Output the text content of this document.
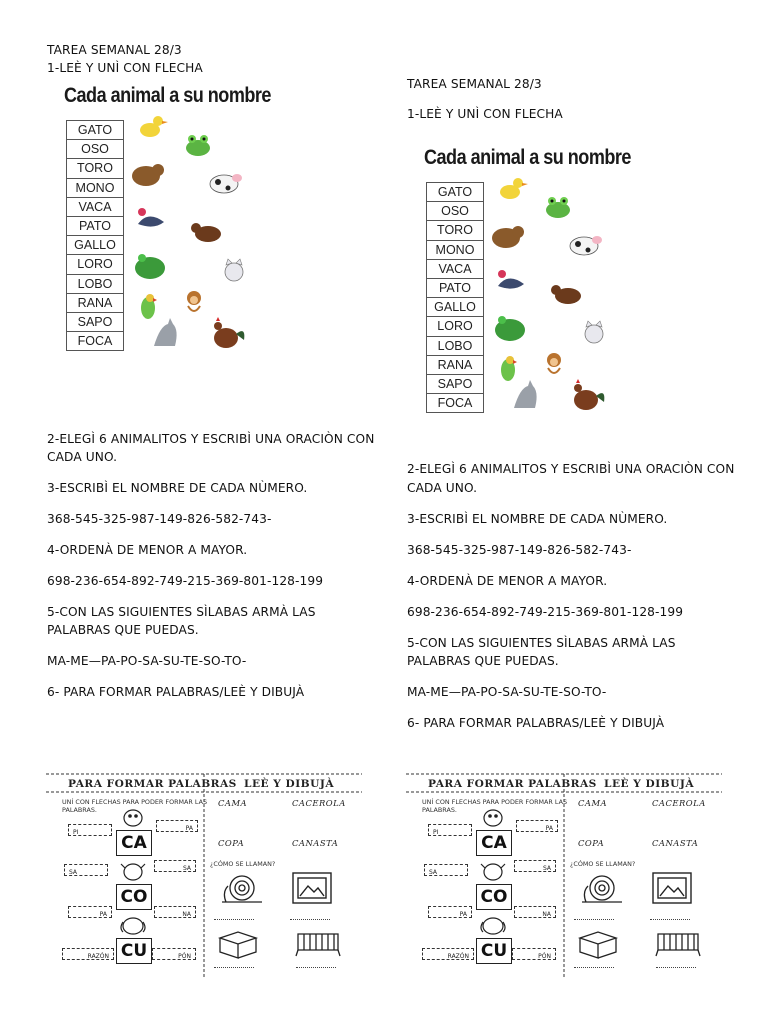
TAREA SEMANAL 28/3
1-LEÈ Y UNÌ CON FLECHA
Cada animal a su nombre
GATO
OSO
TORO
MONO
VACA
PATO
GALLO
LORO
LOBO
RANA
SAPO
FOCA
2-ELEGÌ 6 ANIMALITOS Y ESCRIBÌ UNA ORACIÒN CON
CADA UNO.
3-ESCRIBÌ EL NOMBRE DE CADA NÙMERO.
368-545-325-987-149-826-582-743-
4-ORDENÀ DE MENOR A MAYOR.
698-236-654-892-749-215-369-801-128-199
5-CON LAS SIGUIENTES SÌLABAS ARMÀ LAS
PALABRAS QUE PUEDAS.
MA-ME—PA-PO-SA-SU-TE-SO-TO-
6- PARA FORMAR PALABRAS/LEÈ Y DIBUJÀ
TAREA SEMANAL 28/3
1-LEÈ Y UNÌ CON FLECHA
Cada animal a su nombre
GATO
OSO
TORO
MONO
VACA
PATO
GALLO
LORO
LOBO
RANA
SAPO
FOCA
2-ELEGÌ 6 ANIMALITOS Y ESCRIBÌ UNA ORACIÒN CON
CADA UNO.
3-ESCRIBÌ EL NOMBRE DE CADA NÙMERO.
368-545-325-987-149-826-582-743-
4-ORDENÀ DE MENOR A MAYOR.
698-236-654-892-749-215-369-801-128-199
5-CON LAS SIGUIENTES SÌLABAS ARMÀ LAS
PALABRAS QUE PUEDAS.
MA-ME—PA-PO-SA-SU-TE-SO-TO-
6- PARA FORMAR PALABRAS/LEÈ Y DIBUJÀ
PARA FORMAR PALABRAS LEÈ Y DIBUJÀ
UNÍ CON FLECHAS PARA PODER FORMAR LAS
PALABRAS.
PI
SA
PA
RAZÓN
PA
SA
NA
PÓN
CA
CO
CU
CAMA	CACEROLA
COPA	CANASTA
¿CÓMO SE LLAMAN?
PARA FORMAR PALABRAS LEÈ Y DIBUJÀ
UNÍ CON FLECHAS PARA PODER FORMAR LAS
PALABRAS.
PI
SA
PA
RAZÓN
PA
SA
NA
PÓN
CA
CO
CU
CAMA	CACEROLA
COPA	CANASTA
¿CÓMO SE LLAMAN?
